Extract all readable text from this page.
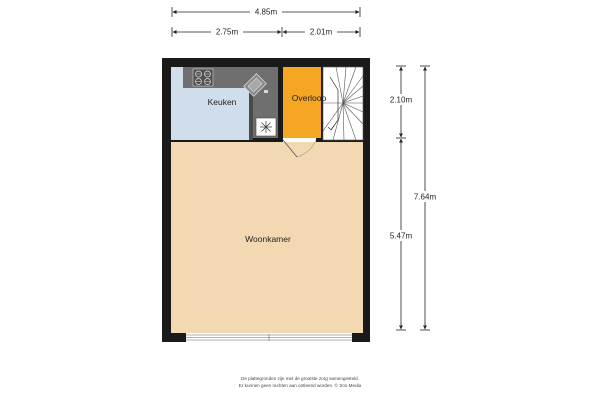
4.85m
2.75m	2.01m
2.10m
5.47m
7.64m
Keuken	Overloop
Woonkamer
De plattegronden zijn met de grootste zorg samengesteld.
Er kunnen geen rechten aan ontleend worden. © Soo Media
